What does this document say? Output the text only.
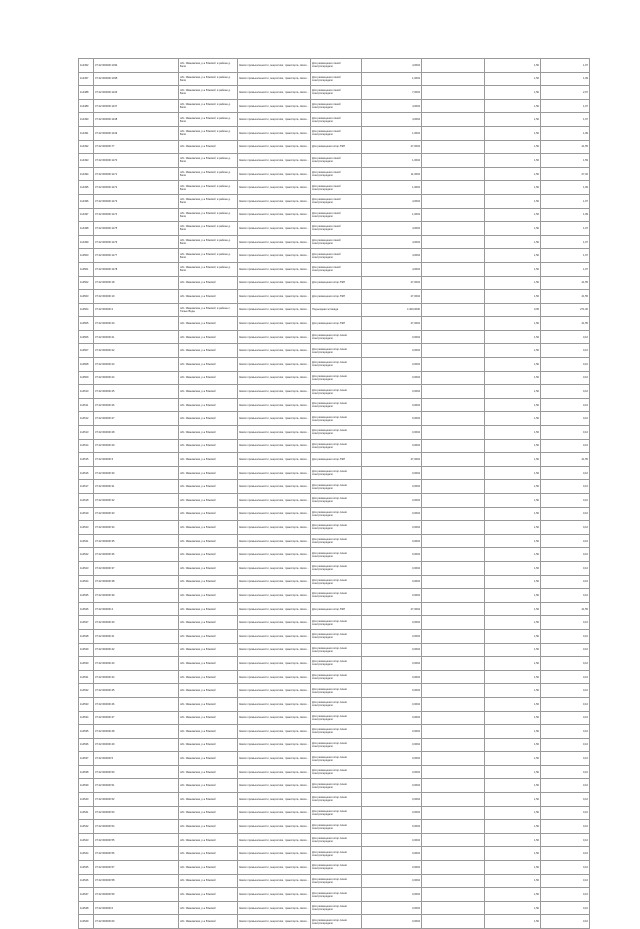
114452	37:22:000000:1034	обл. Ивановская, р-н Южский, в районе д. Бели	Земли промышленности, энергетики, транспорта, связи...	Для размещения линий электропередачи	4,0604		1,50	1,97
114457	37:22:000000:1035	обл. Ивановская, р-н Южский, в районе д. Бели	Земли промышленности, энергетики, транспорта, связи...	Для размещения линий электропередачи	1,0604		1,50	1,99
114488	37:22:000000:1136	обл. Ивановская, р-н Южский, в районе д. Бели	Земли промышленности, энергетики, транспорта, связи...	Для размещения линий электропередачи	7,0604		1,50	2,97
114489	37:22:000000:1137	обл. Ивановская, р-н Южский, в районе д. Бели	Земли промышленности, энергетики, транспорта, связи...	Для размещения линий электропередачи	4,0604		1,50	1,97
114490	37:22:000000:1138	обл. Ивановская, р-н Южский, в районе д. Бели	Земли промышленности, энергетики, транспорта, связи...	Для размещения линий электропередачи	4,0604		1,50	1,97
114491	37:22:000000:1139	обл. Ивановская, р-н Южский, в районе д. Бели	Земли промышленности, энергетики, транспорта, связи...	Для размещения линий электропередачи	1,0604		1,50	1,99
114492	37:22:000000:77	обл. Ивановская, р-н Южский	Земли промышленности, энергетики, транспорта, связи...	Для размещения опор ЛЭП	27,0604		1,50	41,55
114493	37:22:000000:1170	обл. Ивановская, р-н Южский, в районе д. Бели	Земли промышленности, энергетики, транспорта, связи...	Для размещения линий электропередачи	1,0604		1,50	1,59
114494	37:22:000000:1171	обл. Ивановская, р-н Южский, в районе д. Бели	Земли промышленности, энергетики, транспорта, связи...	Для размещения линий электропередачи	11,0604		1,50	27,32
114495	37:22:000000:1172	обл. Ивановская, р-н Южский, в районе д. Бели	Земли промышленности, энергетики, транспорта, связи...	Для размещения линий электропередачи	1,0604		1,50	1,99
114496	37:22:000000:1173	обл. Ивановская, р-н Южский, в районе д. Бели	Земли промышленности, энергетики, транспорта, связи...	Для размещения линий электропередачи	4,0604		1,50	1,97
114497	37:22:000000:1174	обл. Ивановская, р-н Южский, в районе д. Бели	Земли промышленности, энергетики, транспорта, связи...	Для размещения линий электропередачи	1,0604		1,50	1,99
114498	37:22:000000:1175	обл. Ивановская, р-н Южский, в районе д. Бели	Земли промышленности, энергетики, транспорта, связи...	Для размещения линий электропередачи	4,0604		1,50	1,97
114499	37:22:000000:1176	обл. Ивановская, р-н Южский, в районе д. Бели	Земли промышленности, энергетики, транспорта, связи...	Для размещения линий электропередачи	4,0604		1,50	1,97
114500	37:22:000000:1177	обл. Ивановская, р-н Южский, в районе д. Бели	Земли промышленности, энергетики, транспорта, связи...	Для размещения линий электропередачи	4,0604		1,50	1,97
114501	37:22:000000:1178	обл. Ивановская, р-н Южский, в районе д. Бели	Земли промышленности, энергетики, транспорта, связи...	Для размещения линий электропередачи	4,0604		1,50	1,97
114502	37:22:000000:18	обл. Ивановская, р-н Южский	Земли промышленности, энергетики, транспорта, связи...	Для размещения опор ЛЭП	27,0604		1,50	41,55
114503	37:22:000000:19	обл. Ивановская, р-н Южский	Земли промышленности, энергетики, транспорта, связи...	Для размещения опор ЛЭП	27,0604		1,50	41,55
114504	37:22:000000:2	обл. Ивановская, р-н Южский, в районе с. Талые Воды	Земли промышленности, энергетики, транспорта, связи...	Подъездная эстакада	4 400,0000		0,05	271,00
114505	37:22:000000:20	обл. Ивановская, р-н Южский	Земли промышленности, энергетики, транспорта, связи...	Для размещения опор ЛЭП	27,0604		1,50	41,55
114506	37:22:000000:21	обл. Ивановская, р-н Южский	Земли промышленности, энергетики, транспорта, связи...	Для размещения опор линии электропередачи	0,0604		1,50	0,10
114507	37:22:000000:22	обл. Ивановская, р-н Южский	Земли промышленности, энергетики, транспорта, связи...	Для размещения опор линии электропередачи	0,0604		1,50	0,10
114508	37:22:000000:23	обл. Ивановская, р-н Южский	Земли промышленности, энергетики, транспорта, связи...	Для размещения опор линии электропередачи	0,0604		1,50	0,10
114509	37:22:000000:24	обл. Ивановская, р-н Южский	Земли промышленности, энергетики, транспорта, связи...	Для размещения опор линии электропередачи	0,0604		1,50	0,10
114510	37:22:000000:25	обл. Ивановская, р-н Южский	Земли промышленности, энергетики, транспорта, связи...	Для размещения опор линии электропередачи	0,0604		1,50	0,10
114511	37:22:000000:26	обл. Ивановская, р-н Южский	Земли промышленности, энергетики, транспорта, связи...	Для размещения опор линии электропередачи	0,0604		1,50	0,10
114512	37:22:000000:27	обл. Ивановская, р-н Южский	Земли промышленности, энергетики, транспорта, связи...	Для размещения опор линии электропередачи	0,0604		1,50	0,10
114513	37:22:000000:28	обл. Ивановская, р-н Южский	Земли промышленности, энергетики, транспорта, связи...	Для размещения опор линии электропередачи	0,0604		1,50	0,10
114514	37:22:000000:29	обл. Ивановская, р-н Южский	Земли промышленности, энергетики, транспорта, связи...	Для размещения опор линии электропередачи	0,0604		1,50	0,10
114515	37:22:000000:3	обл. Ивановская, р-н Южский	Земли промышленности, энергетики, транспорта, связи...	Для размещения опор ЛЭП	27,0604		1,50	41,55
114516	37:22:000000:30	обл. Ивановская, р-н Южский	Земли промышленности, энергетики, транспорта, связи...	Для размещения опор линии электропередачи	0,0604		1,50	0,10
114517	37:22:000000:31	обл. Ивановская, р-н Южский	Земли промышленности, энергетики, транспорта, связи...	Для размещения опор линии электропередачи	0,0604		1,50	0,10
114518	37:22:000000:32	обл. Ивановская, р-н Южский	Земли промышленности, энергетики, транспорта, связи...	Для размещения опор линии электропередачи	0,0604		1,50	0,10
114519	37:22:000000:33	обл. Ивановская, р-н Южский	Земли промышленности, энергетики, транспорта, связи...	Для размещения опор линии электропередачи	0,0604		1,50	0,10
114520	37:22:000000:34	обл. Ивановская, р-н Южский	Земли промышленности, энергетики, транспорта, связи...	Для размещения опор линии электропередачи	0,0604		1,50	0,10
114521	37:22:000000:35	обл. Ивановская, р-н Южский	Земли промышленности, энергетики, транспорта, связи...	Для размещения опор линии электропередачи	0,0604		1,50	0,10
114522	37:22:000000:36	обл. Ивановская, р-н Южский	Земли промышленности, энергетики, транспорта, связи...	Для размещения опор линии электропередачи	0,0604		1,50	0,10
114523	37:22:000000:37	обл. Ивановская, р-н Южский	Земли промышленности, энергетики, транспорта, связи...	Для размещения опор линии электропередачи	0,0604		1,50	0,10
114524	37:22:000000:38	обл. Ивановская, р-н Южский	Земли промышленности, энергетики, транспорта, связи...	Для размещения опор линии электропередачи	0,0604		1,50	0,10
114525	37:22:000000:39	обл. Ивановская, р-н Южский	Земли промышленности, энергетики, транспорта, связи...	Для размещения опор линии электропередачи	0,0604		1,50	0,10
114526	37:22:000000:4	обл. Ивановская, р-н Южский	Земли промышленности, энергетики, транспорта, связи...	Для размещения опор ЛЭП	27,0604		1,50	41,55
114527	37:22:000000:40	обл. Ивановская, р-н Южский	Земли промышленности, энергетики, транспорта, связи...	Для размещения опор линии электропередачи	0,0604		1,50	0,10
114528	37:22:000000:41	обл. Ивановская, р-н Южский	Земли промышленности, энергетики, транспорта, связи...	Для размещения опор линии электропередачи	0,0604		1,50	0,10
114529	37:22:000000:42	обл. Ивановская, р-н Южский	Земли промышленности, энергетики, транспорта, связи...	Для размещения опор линии электропередачи	0,0604		1,50	0,10
114530	37:22:000000:43	обл. Ивановская, р-н Южский	Земли промышленности, энергетики, транспорта, связи...	Для размещения опор линии электропередачи	0,0604		1,50	0,10
114531	37:22:000000:44	обл. Ивановская, р-н Южский	Земли промышленности, энергетики, транспорта, связи...	Для размещения опор линии электропередачи	0,0604		1,50	0,10
114532	37:22:000000:45	обл. Ивановская, р-н Южский	Земли промышленности, энергетики, транспорта, связи...	Для размещения опор линии электропередачи	0,0604		1,50	0,10
114533	37:22:000000:46	обл. Ивановская, р-н Южский	Земли промышленности, энергетики, транспорта, связи...	Для размещения опор линии электропередачи	0,0604		1,50	0,10
114534	37:22:000000:47	обл. Ивановская, р-н Южский	Земли промышленности, энергетики, транспорта, связи...	Для размещения опор линии электропередачи	0,0604		1,50	0,10
114535	37:22:000000:48	обл. Ивановская, р-н Южский	Земли промышленности, энергетики, транспорта, связи...	Для размещения опор линии электропередачи	0,0604		1,50	0,10
114536	37:22:000000:49	обл. Ивановская, р-н Южский	Земли промышленности, энергетики, транспорта, связи...	Для размещения опор линии электропередачи	0,0604		1,50	0,10
114537	37:22:000000:5	обл. Ивановская, р-н Южский	Земли промышленности, энергетики, транспорта, связи...	Для размещения опор линии электропередачи	0,0604		1,50	0,10
114538	37:22:000000:50	обл. Ивановская, р-н Южский	Земли промышленности, энергетики, транспорта, связи...	Для размещения опор линии электропередачи	0,0604		1,50	0,10
114539	37:22:000000:51	обл. Ивановская, р-н Южский	Земли промышленности, энергетики, транспорта, связи...	Для размещения опор линии электропередачи	0,0604		1,50	0,10
114540	37:22:000000:52	обл. Ивановская, р-н Южский	Земли промышленности, энергетики, транспорта, связи...	Для размещения опор линии электропередачи	0,0604		1,50	0,10
114541	37:22:000000:53	обл. Ивановская, р-н Южский	Земли промышленности, энергетики, транспорта, связи...	Для размещения опор линии электропередачи	0,0604		1,50	0,10
114542	37:22:000000:54	обл. Ивановская, р-н Южский	Земли промышленности, энергетики, транспорта, связи...	Для размещения опор линии электропередачи	0,0604		1,50	0,10
114543	37:22:000000:55	обл. Ивановская, р-н Южский	Земли промышленности, энергетики, транспорта, связи...	Для размещения опор линии электропередачи	0,0604		1,50	0,10
114544	37:22:000000:56	обл. Ивановская, р-н Южский	Земли промышленности, энергетики, транспорта, связи...	Для размещения опор линии электропередачи	0,0604		1,50	0,10
114545	37:22:000000:57	обл. Ивановская, р-н Южский	Земли промышленности, энергетики, транспорта, связи...	Для размещения опор линии электропередачи	0,0604		1,50	0,10
114546	37:22:000000:58	обл. Ивановская, р-н Южский	Земли промышленности, энергетики, транспорта, связи...	Для размещения опор линии электропередачи	0,0604		1,50	0,10
114547	37:22:000000:59	обл. Ивановская, р-н Южский	Земли промышленности, энергетики, транспорта, связи...	Для размещения опор линии электропередачи	0,0604		1,50	0,10
114548	37:22:000000:6	обл. Ивановская, р-н Южский	Земли промышленности, энергетики, транспорта, связи...	Для размещения опор линии электропередачи	0,0604		1,50	0,10
114549	37:22:000000:60	обл. Ивановская, р-н Южский	Земли промышленности, энергетики, транспорта, связи...	Для размещения опор линии электропередачи	0,0604		1,50	0,10
